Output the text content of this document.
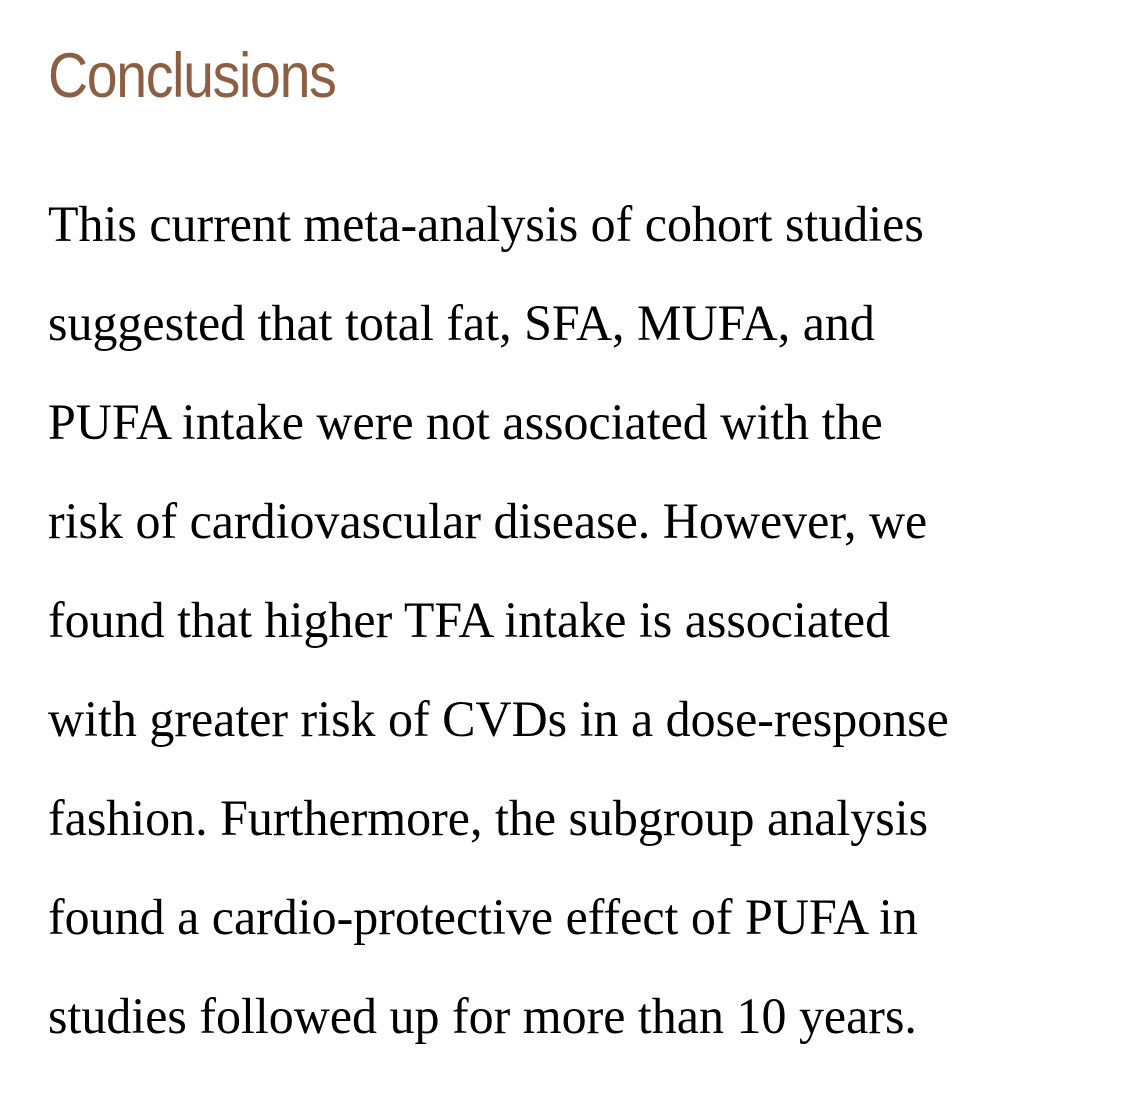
Conclusions

This current meta-analysis of cohort studies
suggested that total fat, SFA, MUFA, and
PUFA intake were not associated with the
risk of cardiovascular disease. However, we
found that higher TFA intake is associated
with greater risk of CVDs in a dose-response
fashion. Furthermore, the subgroup analysis
found a cardio-protective effect of PUFA in
studies followed up for more than 10 years.
